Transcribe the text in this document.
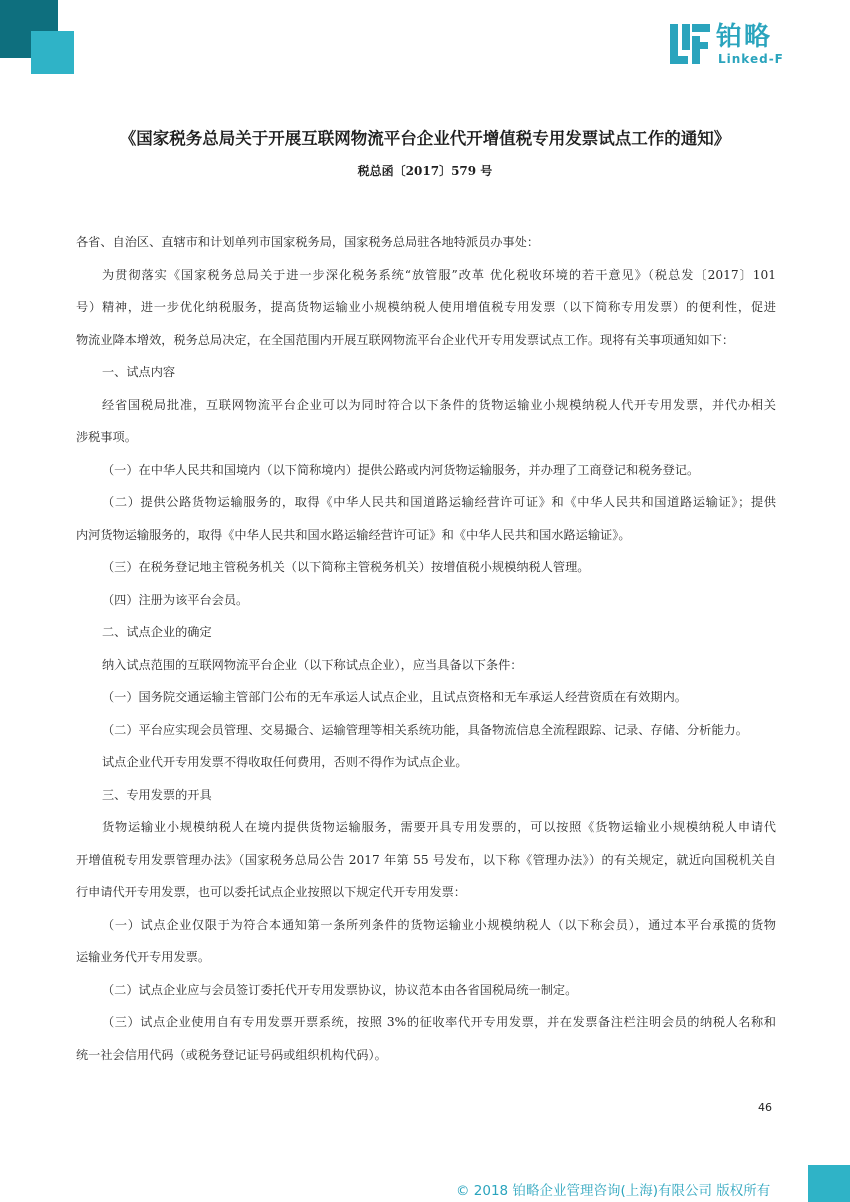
铂略
Linked-F
《国家税务总局关于开展互联网物流平台企业代开增值税专用发票试点工作的通知》
税总函〔2017〕579 号

各省、自治区、直辖市和计划单列市国家税务局，国家税务总局驻各地特派员办事处：

为贯彻落实《国家税务总局关于进一步深化税务系统“放管服”改革 优化税收环境的若干意见》（税总发〔2017〕101
号）精神，进一步优化纳税服务，提高货物运输业小规模纳税人使用增值税专用发票（以下简称专用发票）的便利性，促进
物流业降本增效，税务总局决定，在全国范围内开展互联网物流平台企业代开专用发票试点工作。现将有关事项通知如下：

一、试点内容

经省国税局批准，互联网物流平台企业可以为同时符合以下条件的货物运输业小规模纳税人代开专用发票，并代办相关
涉税事项。

（一）在中华人民共和国境内（以下简称境内）提供公路或内河货物运输服务，并办理了工商登记和税务登记。

（二）提供公路货物运输服务的，取得《中华人民共和国道路运输经营许可证》和《中华人民共和国道路运输证》；提供
内河货物运输服务的，取得《中华人民共和国水路运输经营许可证》和《中华人民共和国水路运输证》。

（三）在税务登记地主管税务机关（以下简称主管税务机关）按增值税小规模纳税人管理。

（四）注册为该平台会员。

二、试点企业的确定

纳入试点范围的互联网物流平台企业（以下称试点企业），应当具备以下条件：

（一）国务院交通运输主管部门公布的无车承运人试点企业，且试点资格和无车承运人经营资质在有效期内。

（二）平台应实现会员管理、交易撮合、运输管理等相关系统功能，具备物流信息全流程跟踪、记录、存储、分析能力。

试点企业代开专用发票不得收取任何费用，否则不得作为试点企业。

三、专用发票的开具

货物运输业小规模纳税人在境内提供货物运输服务，需要开具专用发票的，可以按照《货物运输业小规模纳税人申请代
开增值税专用发票管理办法》（国家税务总局公告 2017 年第 55 号发布，以下称《管理办法》）的有关规定，就近向国税机关自
行申请代开专用发票，也可以委托试点企业按照以下规定代开专用发票：

（一）试点企业仅限于为符合本通知第一条所列条件的货物运输业小规模纳税人（以下称会员），通过本平台承揽的货物
运输业务代开专用发票。

（二）试点企业应与会员签订委托代开专用发票协议，协议范本由各省国税局统一制定。

（三）试点企业使用自有专用发票开票系统，按照 3%的征收率代开专用发票，并在发票备注栏注明会员的纳税人名称和
统一社会信用代码（或税务登记证号码或组织机构代码）。

46
© 2018 铂略企业管理咨询(上海)有限公司 版权所有
